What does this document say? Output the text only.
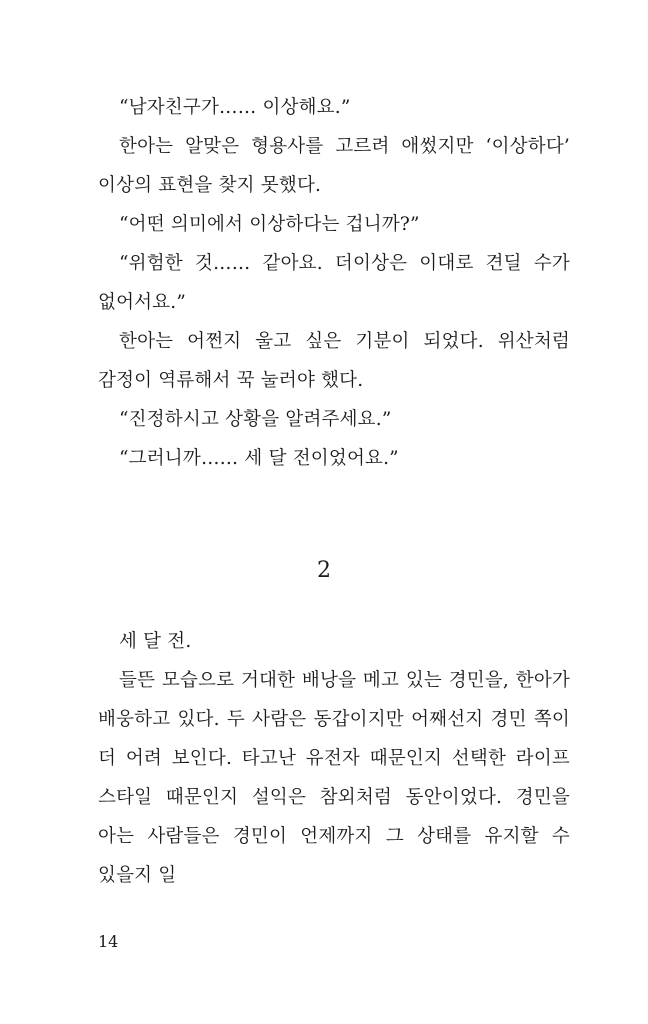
“남자친구가…… 이상해요.”

한아는 알맞은 형용사를 고르려 애썼지만 ‘이상하다’ 이상의 표현을 찾지 못했다.

“어떤 의미에서 이상하다는 겁니까?”

“위험한 것…… 같아요. 더이상은 이대로 견딜 수가 없어서요.”

한아는 어쩐지 울고 싶은 기분이 되었다. 위산처럼 감정이 역류해서 꾹 눌러야 했다.

“진정하시고 상황을 알려주세요.”

“그러니까…… 세 달 전이었어요.”

2

세 달 전.

들뜬 모습으로 거대한 배낭을 메고 있는 경민을, 한아가 배웅하고 있다. 두 사람은 동갑이지만 어째선지 경민 쪽이 더 어려 보인다. 타고난 유전자 때문인지 선택한 라이프 스타일 때문인지 설익은 참외처럼 동안이었다. 경민을 아는 사람들은 경민이 언제까지 그 상태를 유지할 수 있을지 일

14
